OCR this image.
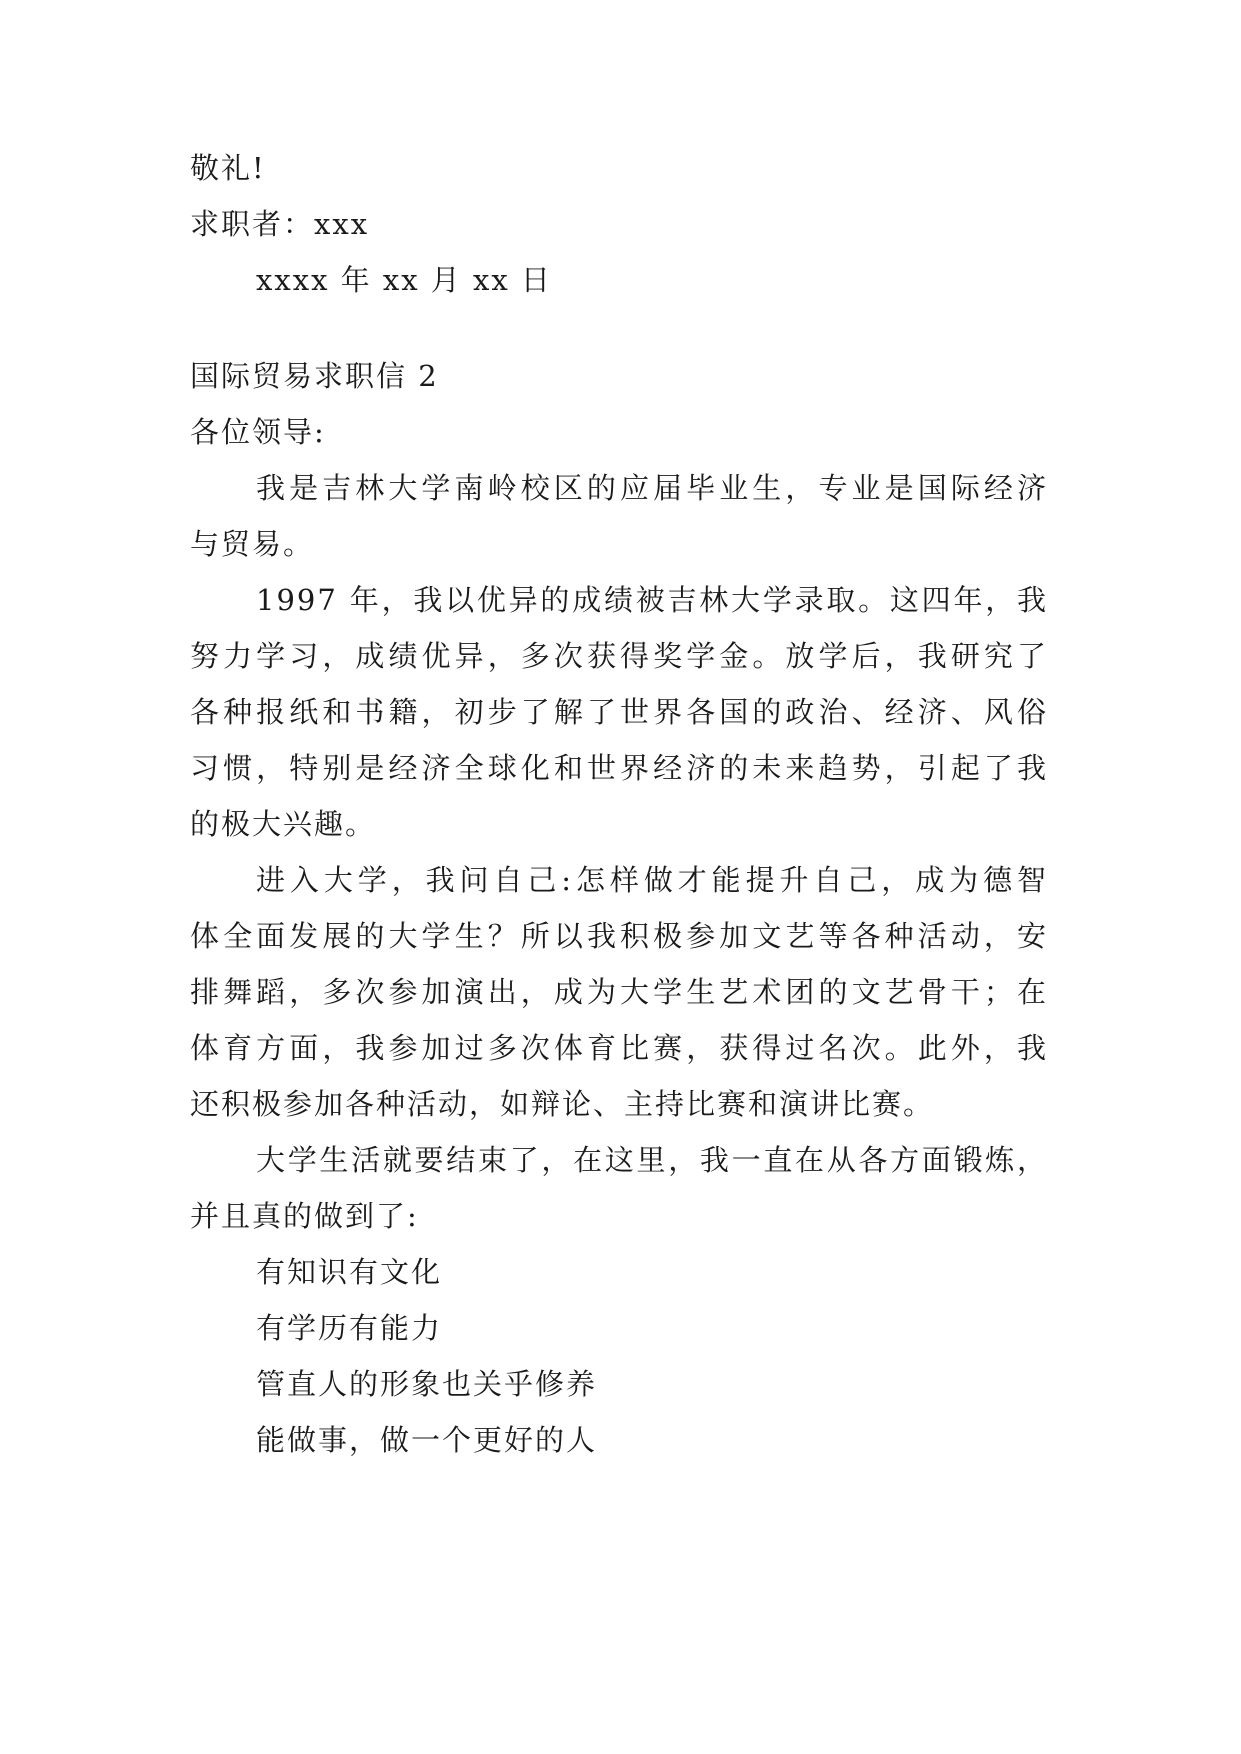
敬礼!
求职者：xxx
xxxx 年 xx 月 xx 日
国际贸易求职信 2
各位领导:
我是吉林大学南岭校区的应届毕业生，专业是国际经济
与贸易。
1997 年，我以优异的成绩被吉林大学录取。这四年，我
努力学习，成绩优异，多次获得奖学金。放学后，我研究了
各种报纸和书籍，初步了解了世界各国的政治、经济、风俗
习惯，特别是经济全球化和世界经济的未来趋势，引起了我
的极大兴趣。
进入大学，我问自己:怎样做才能提升自己，成为德智
体全面发展的大学生？所以我积极参加文艺等各种活动，安
排舞蹈，多次参加演出，成为大学生艺术团的文艺骨干；在
体育方面，我参加过多次体育比赛，获得过名次。此外，我
还积极参加各种活动，如辩论、主持比赛和演讲比赛。
大学生活就要结束了，在这里，我一直在从各方面锻炼，
并且真的做到了:
有知识有文化
有学历有能力
管直人的形象也关乎修养
能做事，做一个更好的人
